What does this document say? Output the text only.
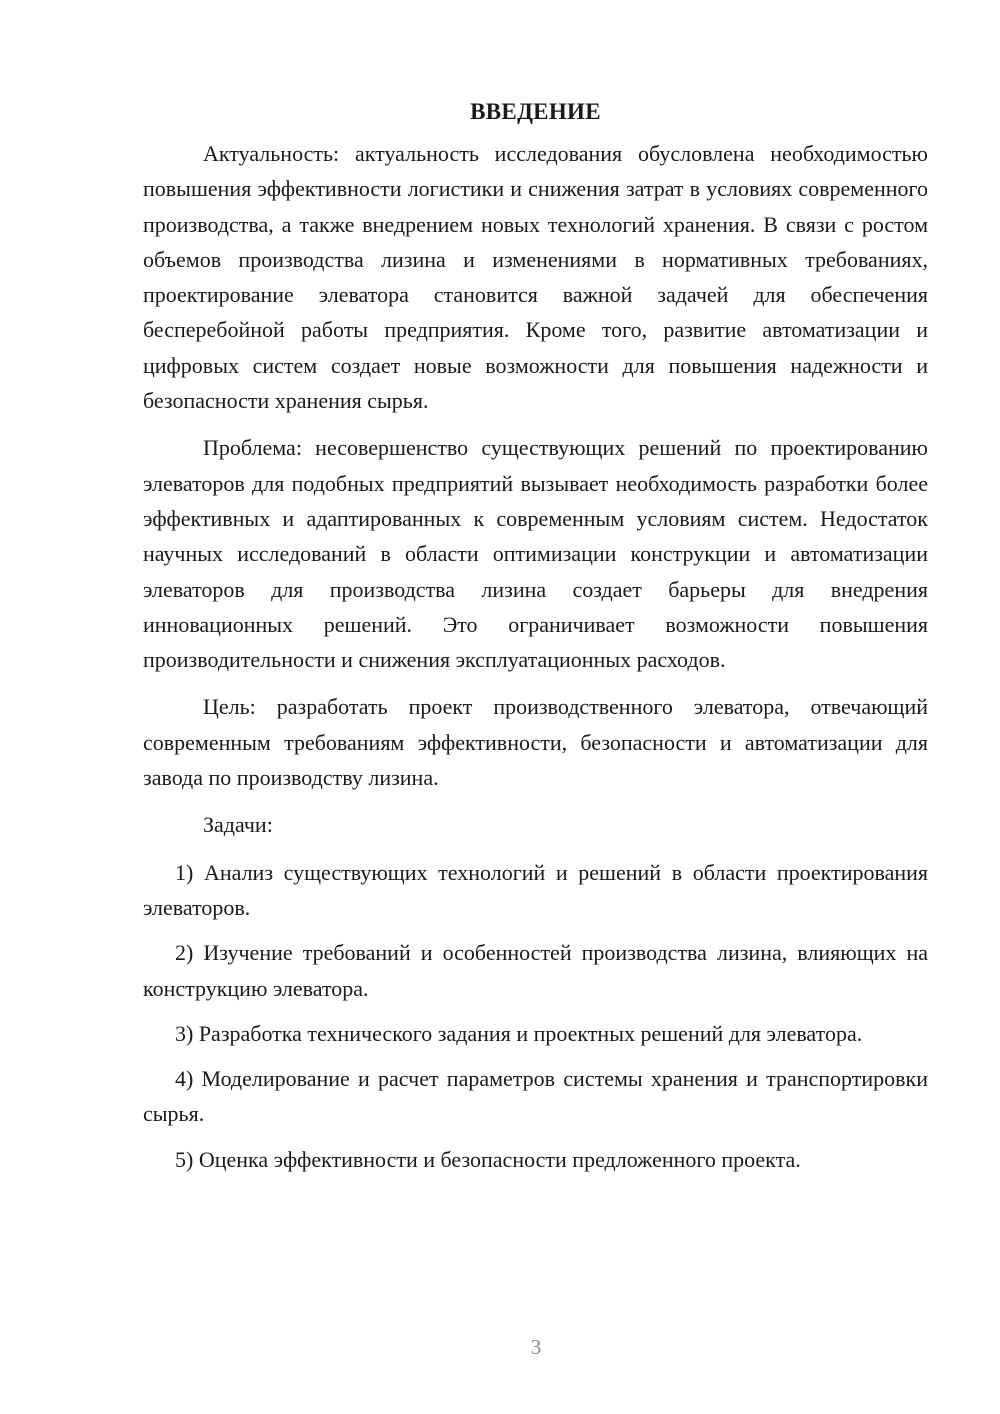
ВВЕДЕНИЕ

Актуальность: актуальность исследования обусловлена необходимостью повышения эффективности логистики и снижения затрат в условиях современного производства, а также внедрением новых технологий хранения. В связи с ростом объемов производства лизина и изменениями в нормативных требованиях, проектирование элеватора становится важной задачей для обеспечения бесперебойной работы предприятия. Кроме того, развитие автоматизации и цифровых систем создает новые возможности для повышения надежности и безопасности хранения сырья.

Проблема: несовершенство существующих решений по проектированию элеваторов для подобных предприятий вызывает необходимость разработки более эффективных и адаптированных к современным условиям систем. Недостаток научных исследований в области оптимизации конструкции и автоматизации элеваторов для производства лизина создает барьеры для внедрения инновационных решений. Это ограничивает возможности повышения производительности и снижения эксплуатационных расходов.

Цель: разработать проект производственного элеватора, отвечающий современным требованиям эффективности, безопасности и автоматизации для завода по производству лизина.

Задачи:

1) Анализ существующих технологий и решений в области проектирования элеваторов.

2) Изучение требований и особенностей производства лизина, влияющих на конструкцию элеватора.

3) Разработка технического задания и проектных решений для элеватора.

4) Моделирование и расчет параметров системы хранения и транспортировки сырья.

5) Оценка эффективности и безопасности предложенного проекта.

3
